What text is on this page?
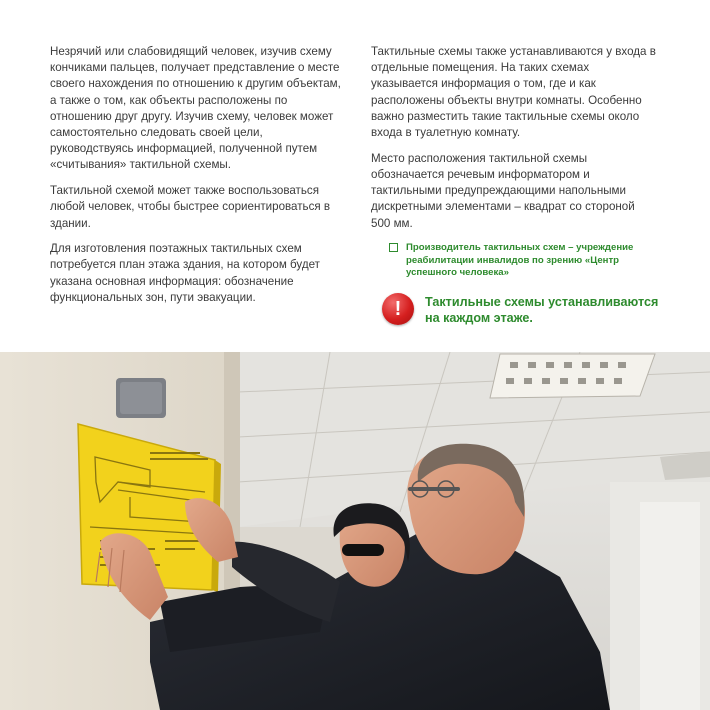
Незрячий или слабовидящий человек, изучив схему кончиками пальцев, получает представление о месте своего нахождения по отношению к другим объектам, а также о том, как объекты расположены по отношению друг другу. Изучив схему, человек может самостоятельно следовать своей цели, руководствуясь информацией, полученной путем «считывания» тактильной схемы.

Тактильной схемой может также воспользоваться любой человек, чтобы быстрее сориентироваться в здании.

Для изготовления поэтажных тактильных схем потребуется план этажа здания, на котором будет указана основная информация: обозначение функциональных зон, пути эвакуации.

Тактильные схемы также устанавливаются у входа в отдельные помещения. На таких схемах указывается информация о том, где и как расположены объекты внутри комнаты. Особенно важно разместить такие тактильные схемы около входа в туалетную комнату.

Место расположения тактильной схемы обозначается речевым информатором и тактильными предупреждающими напольными дискретными элементами – квадрат со стороной 500 мм.

Производитель тактильных схем – учреждение реабилитации инвалидов по зрению «Центр успешного человека»
!	Тактильные схемы устанавливаются на каждом этаже.
